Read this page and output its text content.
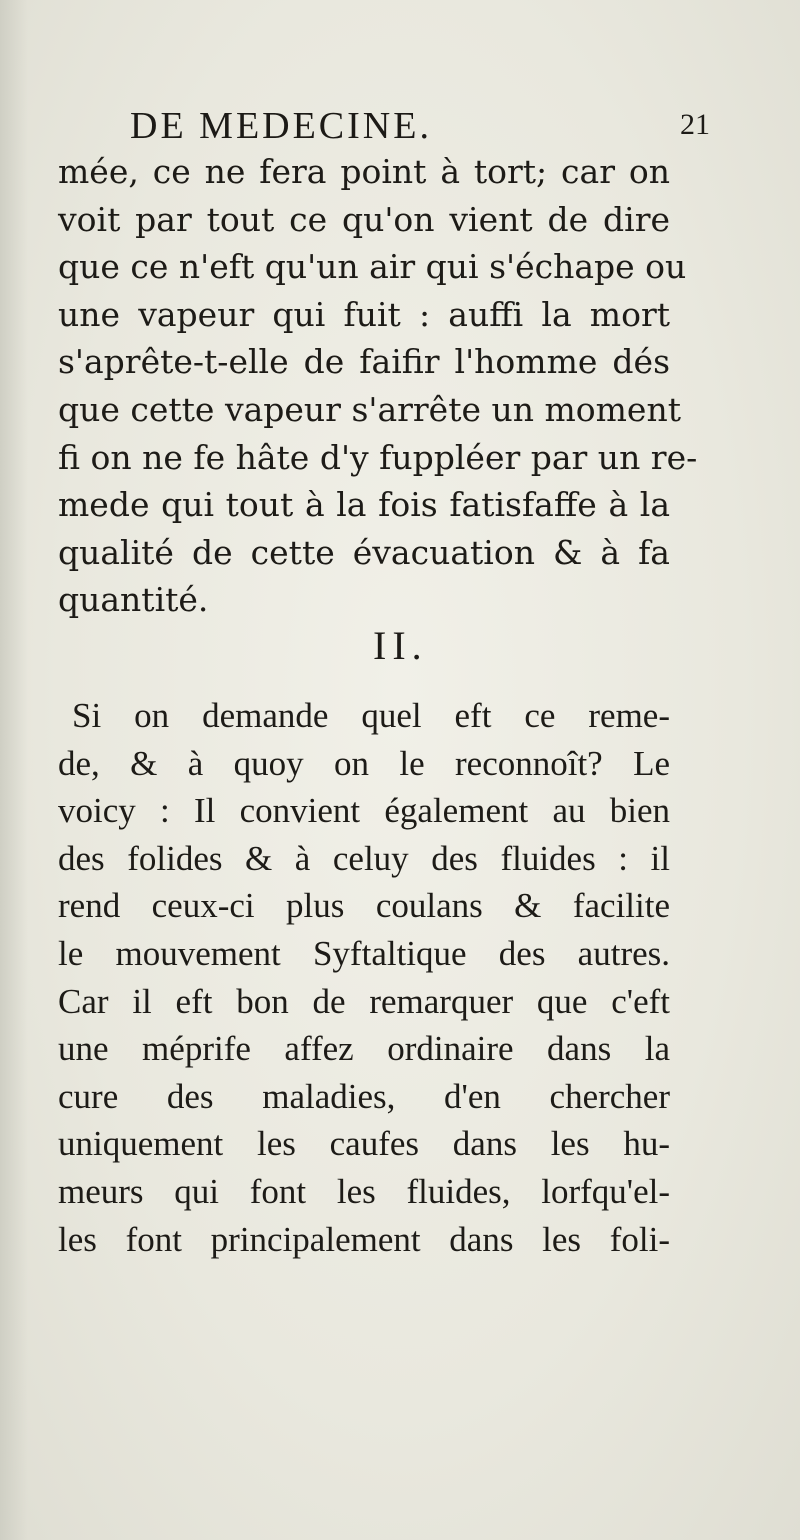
DE MEDECINE.	21
mée, ce ne fera point à tort; car on
voit par tout ce qu'on vient de dire
que ce n'eft qu'un air qui s'échape ou
une vapeur qui fuit : auffi la mort
s'aprête-t-elle de faifir l'homme dés
que cette vapeur s'arrête un moment
fi on ne fe hâte d'y fuppléer par un re-
mede qui tout à la fois fatisfaffe à la
qualité de cette évacuation & à fa
quantité.
II.
Si on demande quel eft ce reme-
de, & à quoy on le reconnoît? Le
voicy : Il convient également au bien
des folides & à celuy des fluides : il
rend ceux-ci plus coulans & facilite
le mouvement Syftaltique des autres.
Car il eft bon de remarquer que c'eft
une méprife affez ordinaire dans la
cure des maladies, d'en chercher
uniquement les caufes dans les hu-
meurs qui font les fluides, lorfqu'el-
les font principalement dans les foli-
